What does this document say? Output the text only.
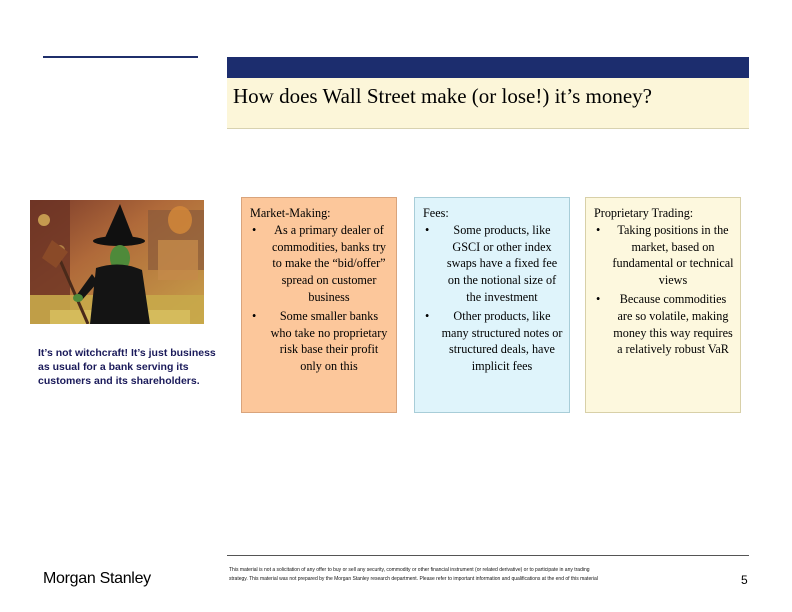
How does Wall Street make (or lose!) it’s money?
It’s not witchcraft! It’s just business as usual for a bank serving its customers and its shareholders.
Market-Making:
• As a primary dealer of commodities, banks try to make the “bid/offer” spread on customer business
• Some smaller banks who take no proprietary risk base their profit only on this
Fees:
• Some products, like GSCI or other index swaps have a fixed fee on the notional size of the investment
• Other products, like many structured notes or structured deals, have implicit fees
Proprietary Trading:
• Taking positions in the market, based on fundamental or technical views
• Because commodities are so volatile, making money this way requires a relatively robust VaR
Morgan Stanley	This material is not a solicitation of any offer to buy or sell any security, commodity or other financial instrument (or related derivative) or to participate in any trading
strategy. This material was not prepared by the Morgan Stanley research department. Please refer to important information and qualifications at the end of this material	5
